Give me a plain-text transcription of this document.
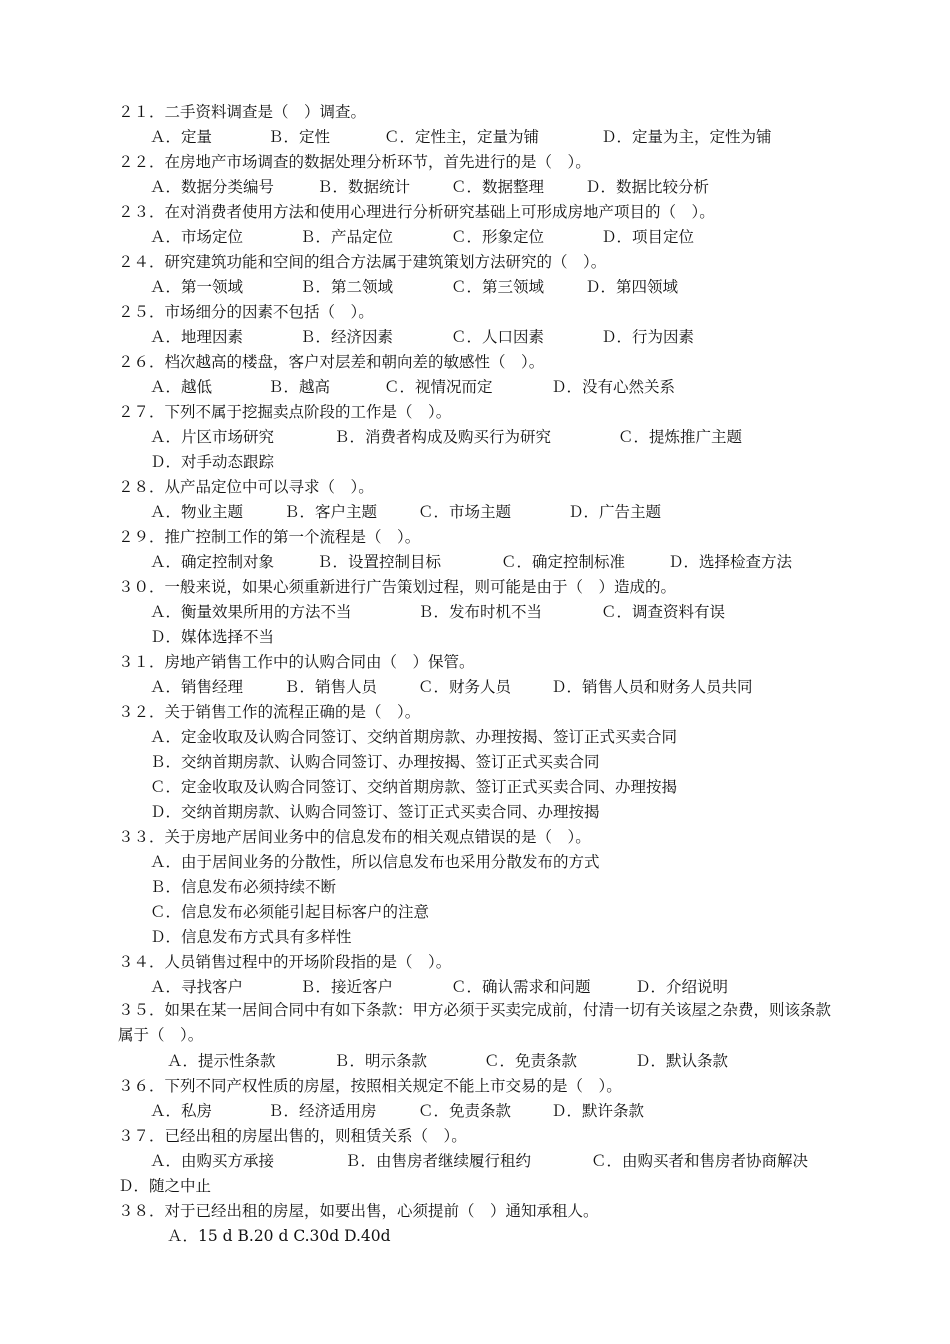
２１．二手资料调查是（　）调查。
Ａ．定量	Ｂ．定性	Ｃ．定性主，定量为铺	Ｄ．定量为主，定性为铺
２２．在房地产市场调查的数据处理分析环节，首先进行的是（　）。
Ａ．数据分类编号	Ｂ．数据统计	Ｃ．数据整理	Ｄ．数据比较分析
２３．在对消费者使用方法和使用心理进行分析研究基础上可形成房地产项目的（　）。
Ａ．市场定位	Ｂ．产品定位	Ｃ．形象定位	Ｄ．项目定位
２４．研究建筑功能和空间的组合方法属于建筑策划方法研究的（　）。
Ａ．第一领域	Ｂ．第二领域	Ｃ．第三领域	Ｄ．第四领域
２５．市场细分的因素不包括（　）。
Ａ．地理因素	Ｂ．经济因素	Ｃ．人口因素	Ｄ．行为因素
２６．档次越高的楼盘，客户对层差和朝向差的敏感性（　）。
Ａ．越低	Ｂ．越高	Ｃ．视情况而定	Ｄ．没有心然关系
２７．下列不属于挖掘卖点阶段的工作是（　）。
Ａ．片区市场研究	Ｂ．消费者构成及购买行为研究	Ｃ．提炼推广主题
Ｄ．对手动态跟踪
２８．从产品定位中可以寻求（　）。
Ａ．物业主题	Ｂ．客户主题	Ｃ．市场主题	Ｄ．广告主题
２９．推广控制工作的第一个流程是（　）。
Ａ．确定控制对象	Ｂ．设置控制目标	Ｃ．确定控制标准	Ｄ．选择检查方法
３０．一般来说，如果心须重新进行广告策划过程，则可能是由于（　）造成的。
Ａ．衡量效果所用的方法不当	Ｂ．发布时机不当	Ｃ．调查资料有误
Ｄ．媒体选择不当
３１．房地产销售工作中的认购合同由（　）保管。
Ａ．销售经理	Ｂ．销售人员	Ｃ．财务人员	Ｄ．销售人员和财务人员共同
３２．关于销售工作的流程正确的是（　）。
Ａ．定金收取及认购合同签订、交纳首期房款、办理按揭、签订正式买卖合同
Ｂ．交纳首期房款、认购合同签订、办理按揭、签订正式买卖合同
Ｃ．定金收取及认购合同签订、交纳首期房款、签订正式买卖合同、办理按揭
Ｄ．交纳首期房款、认购合同签订、签订正式买卖合同、办理按揭
３３．关于房地产居间业务中的信息发布的相关观点错误的是（　）。
Ａ．由于居间业务的分散性，所以信息发布也采用分散发布的方式
Ｂ．信息发布必须持续不断
Ｃ．信息发布必须能引起目标客户的注意
Ｄ．信息发布方式具有多样性
３４．人员销售过程中的开场阶段指的是（　）。
Ａ．寻找客户	Ｂ．接近客户	Ｃ．确认需求和问题	Ｄ．介绍说明
３５．如果在某一居间合同中有如下条款：甲方必须于买卖完成前，付清一切有关该屋之杂费，则该条款属于（　）。
Ａ．提示性条款	Ｂ．明示条款	Ｃ．免责条款	Ｄ．默认条款
３６．下列不同产权性质的房屋，按照相关规定不能上市交易的是（　）。
Ａ．私房	Ｂ．经济适用房	Ｃ．免责条款	Ｄ．默许条款
３７．已经出租的房屋出售的，则租赁关系（　）。
Ａ．由购买方承接	Ｂ．由售房者继续履行租约	Ｃ．由购买者和售房者协商解决
Ｄ．随之中止
３８．对于已经出租的房屋，如要出售，心须提前（　）通知承租人。
Ａ．15 d B.20 d C.30d D.40d
